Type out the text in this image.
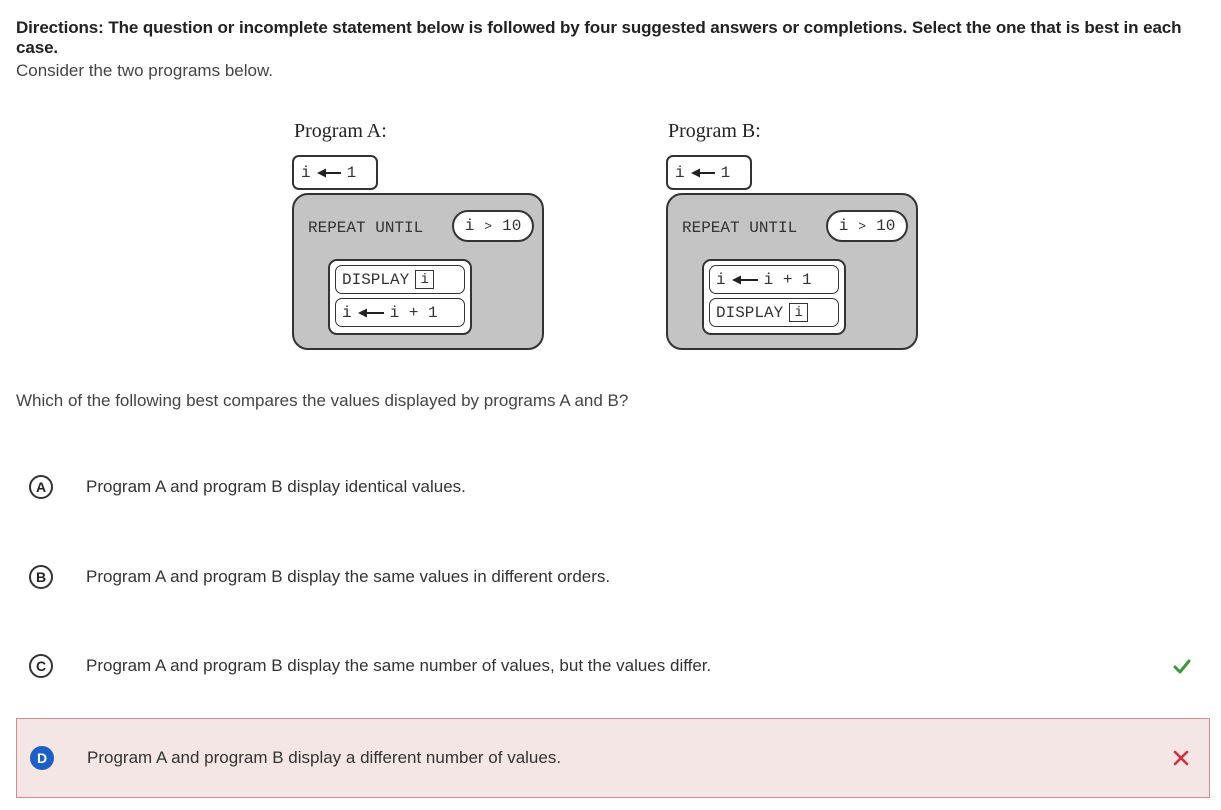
Directions: The question or incomplete statement below is followed by four suggested answers or completions. Select the one that is best in each case.
Consider the two programs below.
Program A:
i 1
REPEAT UNTIL	i > 10
DISPLAY i
i i + 1
Program B:
i 1
REPEAT UNTIL	i > 10
i i + 1
DISPLAY i
Which of the following best compares the values displayed by programs A and B?
A	Program A and program B display identical values.
B	Program A and program B display the same values in different orders.
C	Program A and program B display the same number of values, but the values differ.
D	Program A and program B display a different number of values.
